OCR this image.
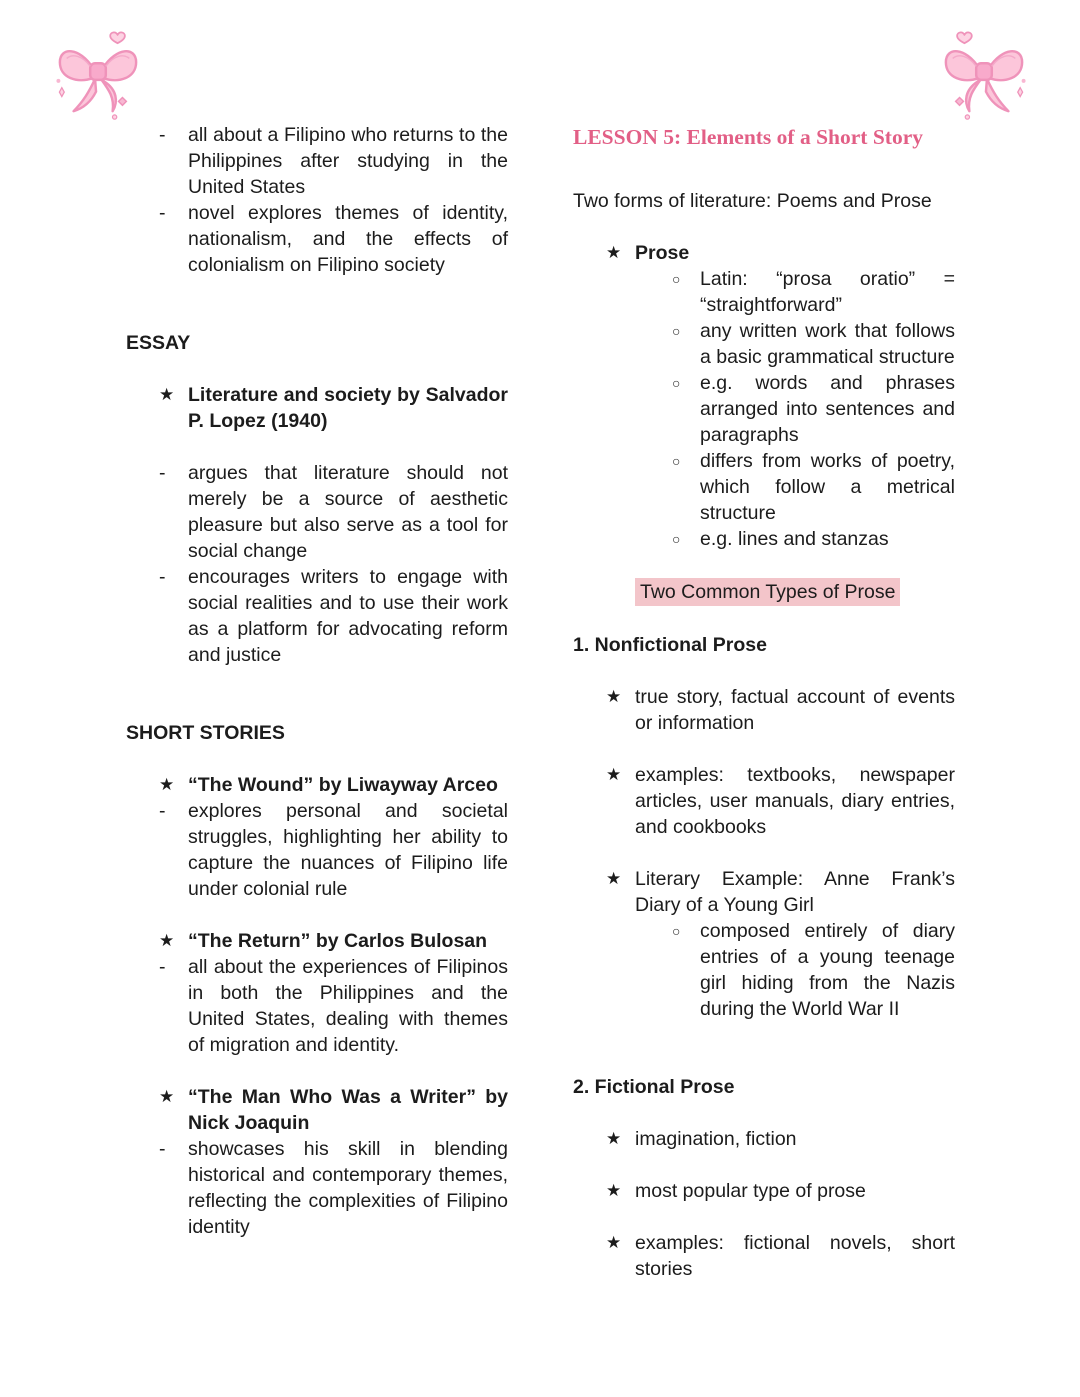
-	all about a Filipino who returns to the Philippines after studying in the United States
-	novel explores themes of identity, nationalism, and the effects of colonialism on Filipino society
ESSAY
★ Literature and society by Salvador P. Lopez (1940)
-	argues that literature should not merely be a source of aesthetic pleasure but also serve as a tool for social change
-	encourages writers to engage with social realities and to use their work as a platform for advocating reform and justice
SHORT STORIES
★ “The Wound” by Liwayway Arceo
-	explores personal and societal struggles, highlighting her ability to capture the nuances of Filipino life under colonial rule
★ “The Return” by Carlos Bulosan
-	all about the experiences of Filipinos in both the Philippines and the United States, dealing with themes of migration and identity.
★ “The Man Who Was a Writer” by Nick Joaquin
-	showcases his skill in blending historical and contemporary themes, reflecting the complexities of Filipino identity
LESSON 5: Elements of a Short Story
Two forms of literature: Poems and Prose
★ Prose
○	Latin: “prosa oratio” = “straightforward”
○	any written work that follows a basic grammatical structure
○	e.g. words and phrases arranged into sentences and paragraphs
○	differs from works of poetry, which follow a metrical structure
○	e.g. lines and stanzas
Two Common Types of Prose
1. Nonfictional Prose
★ true story, factual account of events or information
★ examples: textbooks, newspaper articles, user manuals, diary entries, and cookbooks
★ Literary Example: Anne Frank’s Diary of a Young Girl
○	composed entirely of diary entries of a young teenage girl hiding from the Nazis during the World War II
2. Fictional Prose
★ imagination, fiction
★ most popular type of prose
★ examples: fictional novels, short stories
